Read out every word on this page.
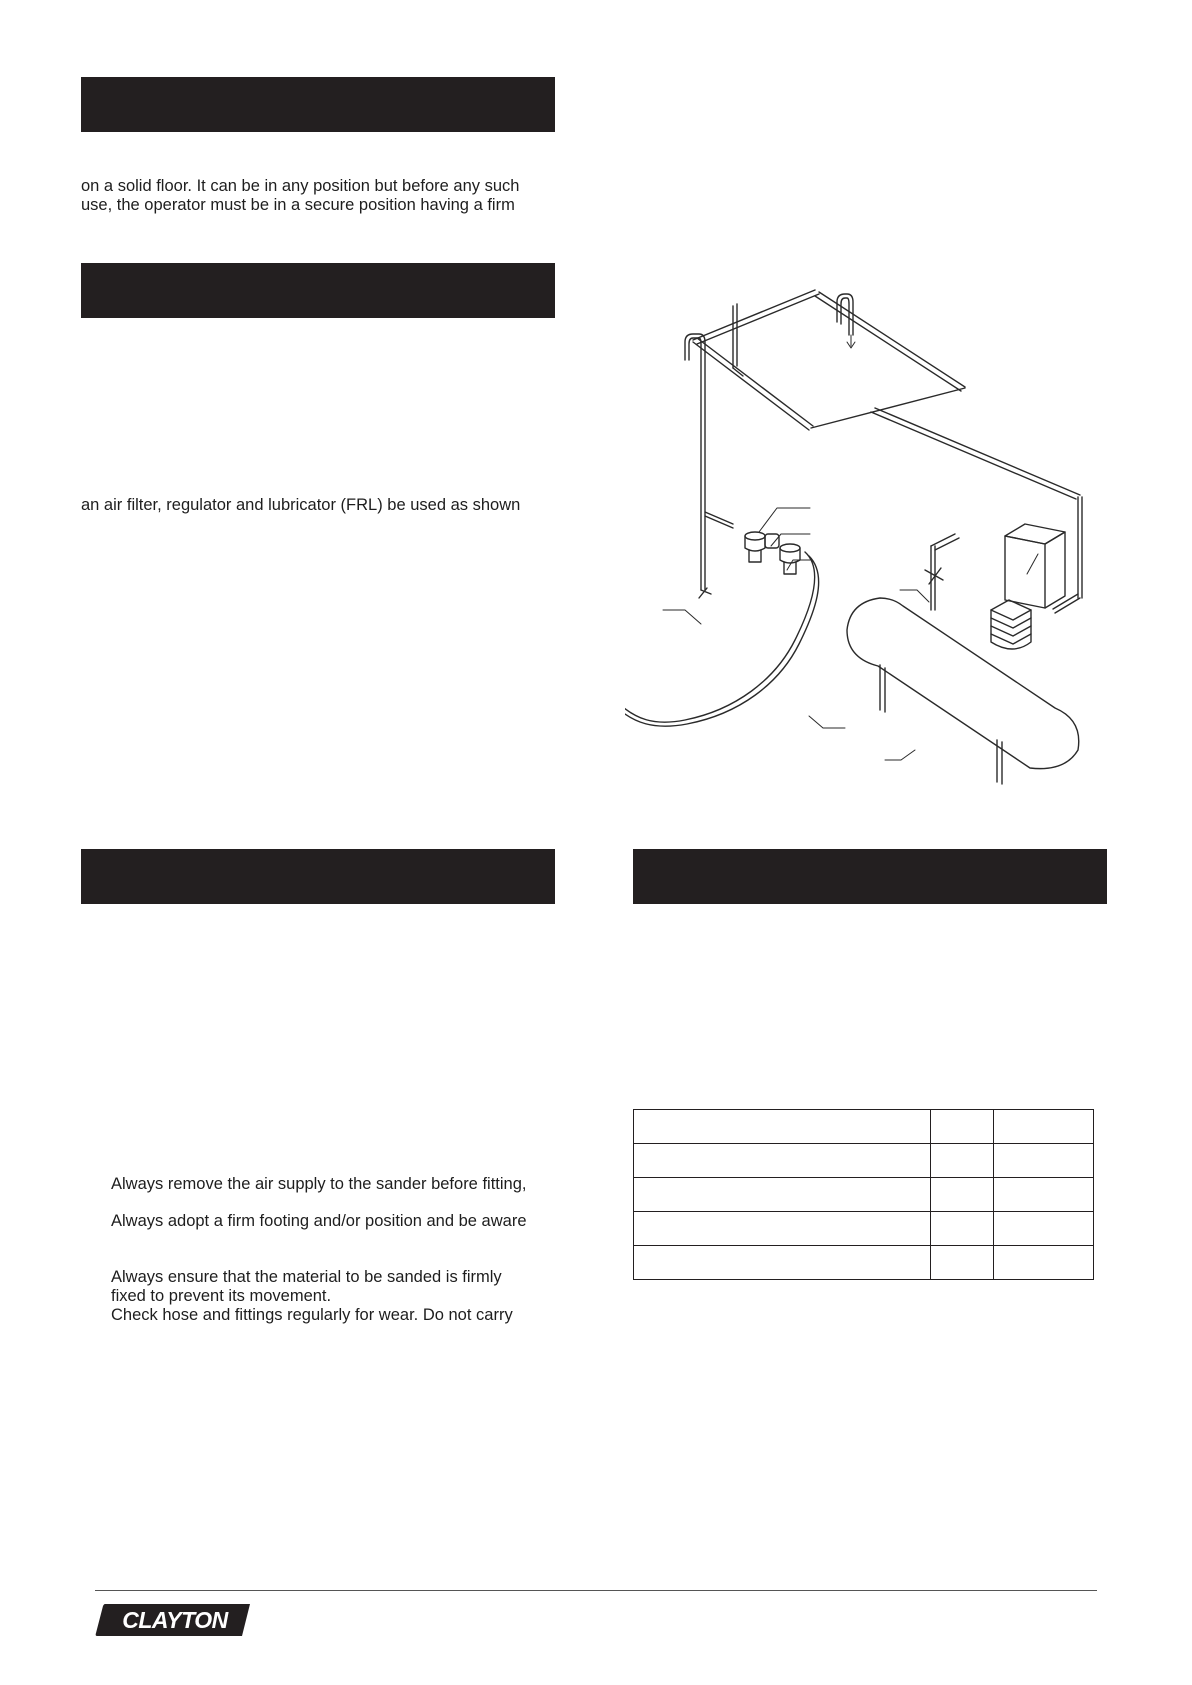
on a solid floor. It can be in any position but before any such
use, the operator must be in a secure position having a firm
an air filter, regulator and lubricator (FRL) be used as shown
Always remove the air supply to the sander before fitting,
Always adopt a firm footing and/or position and be aware
Always ensure that the material to be sanded is firmly
fixed to prevent its movement.
Check hose and fittings regularly for wear. Do not carry

CLAYTON
